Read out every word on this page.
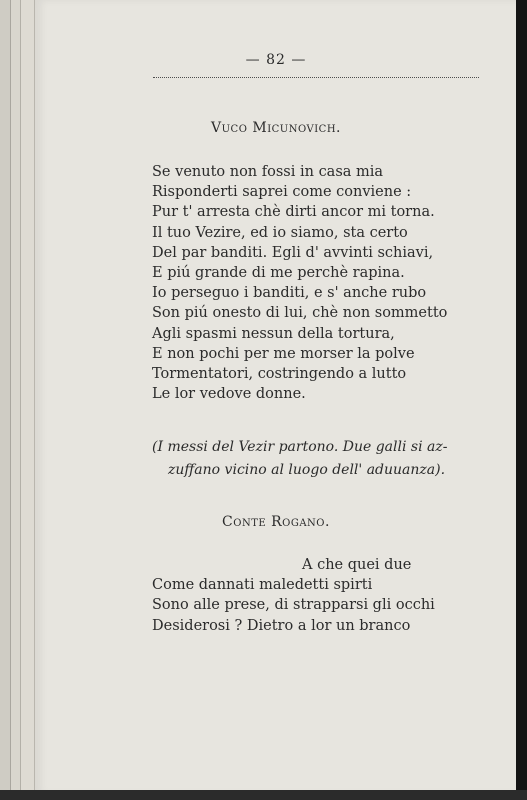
— 82 —
Vuco Micunovich.
Se venuto non fossi in casa mia
Risponderti saprei come conviene :
Pur t' arresta chè dirti ancor mi torna.
Il tuo Vezire, ed io siamo, sta certo
Del par banditi. Egli d' avvinti schiavi,
E piú grande di me perchè rapina.
Io perseguo i banditi, e s' anche rubo
Son piú onesto di lui, chè non sommetto
Agli spasmi nessun della tortura,
E non pochi per me morser la polve
Tormentatori, costringendo a lutto
Le lor vedove donne.
(I messi del Vezir partono. Due galli si az-
zuffano vicino al luogo dell' aduuanza).
Conte Rogano.
A che quei due
Come dannati maledetti spirti
Sono alle prese, di strapparsi gli occhi
Desiderosi ? Dietro a lor un branco
